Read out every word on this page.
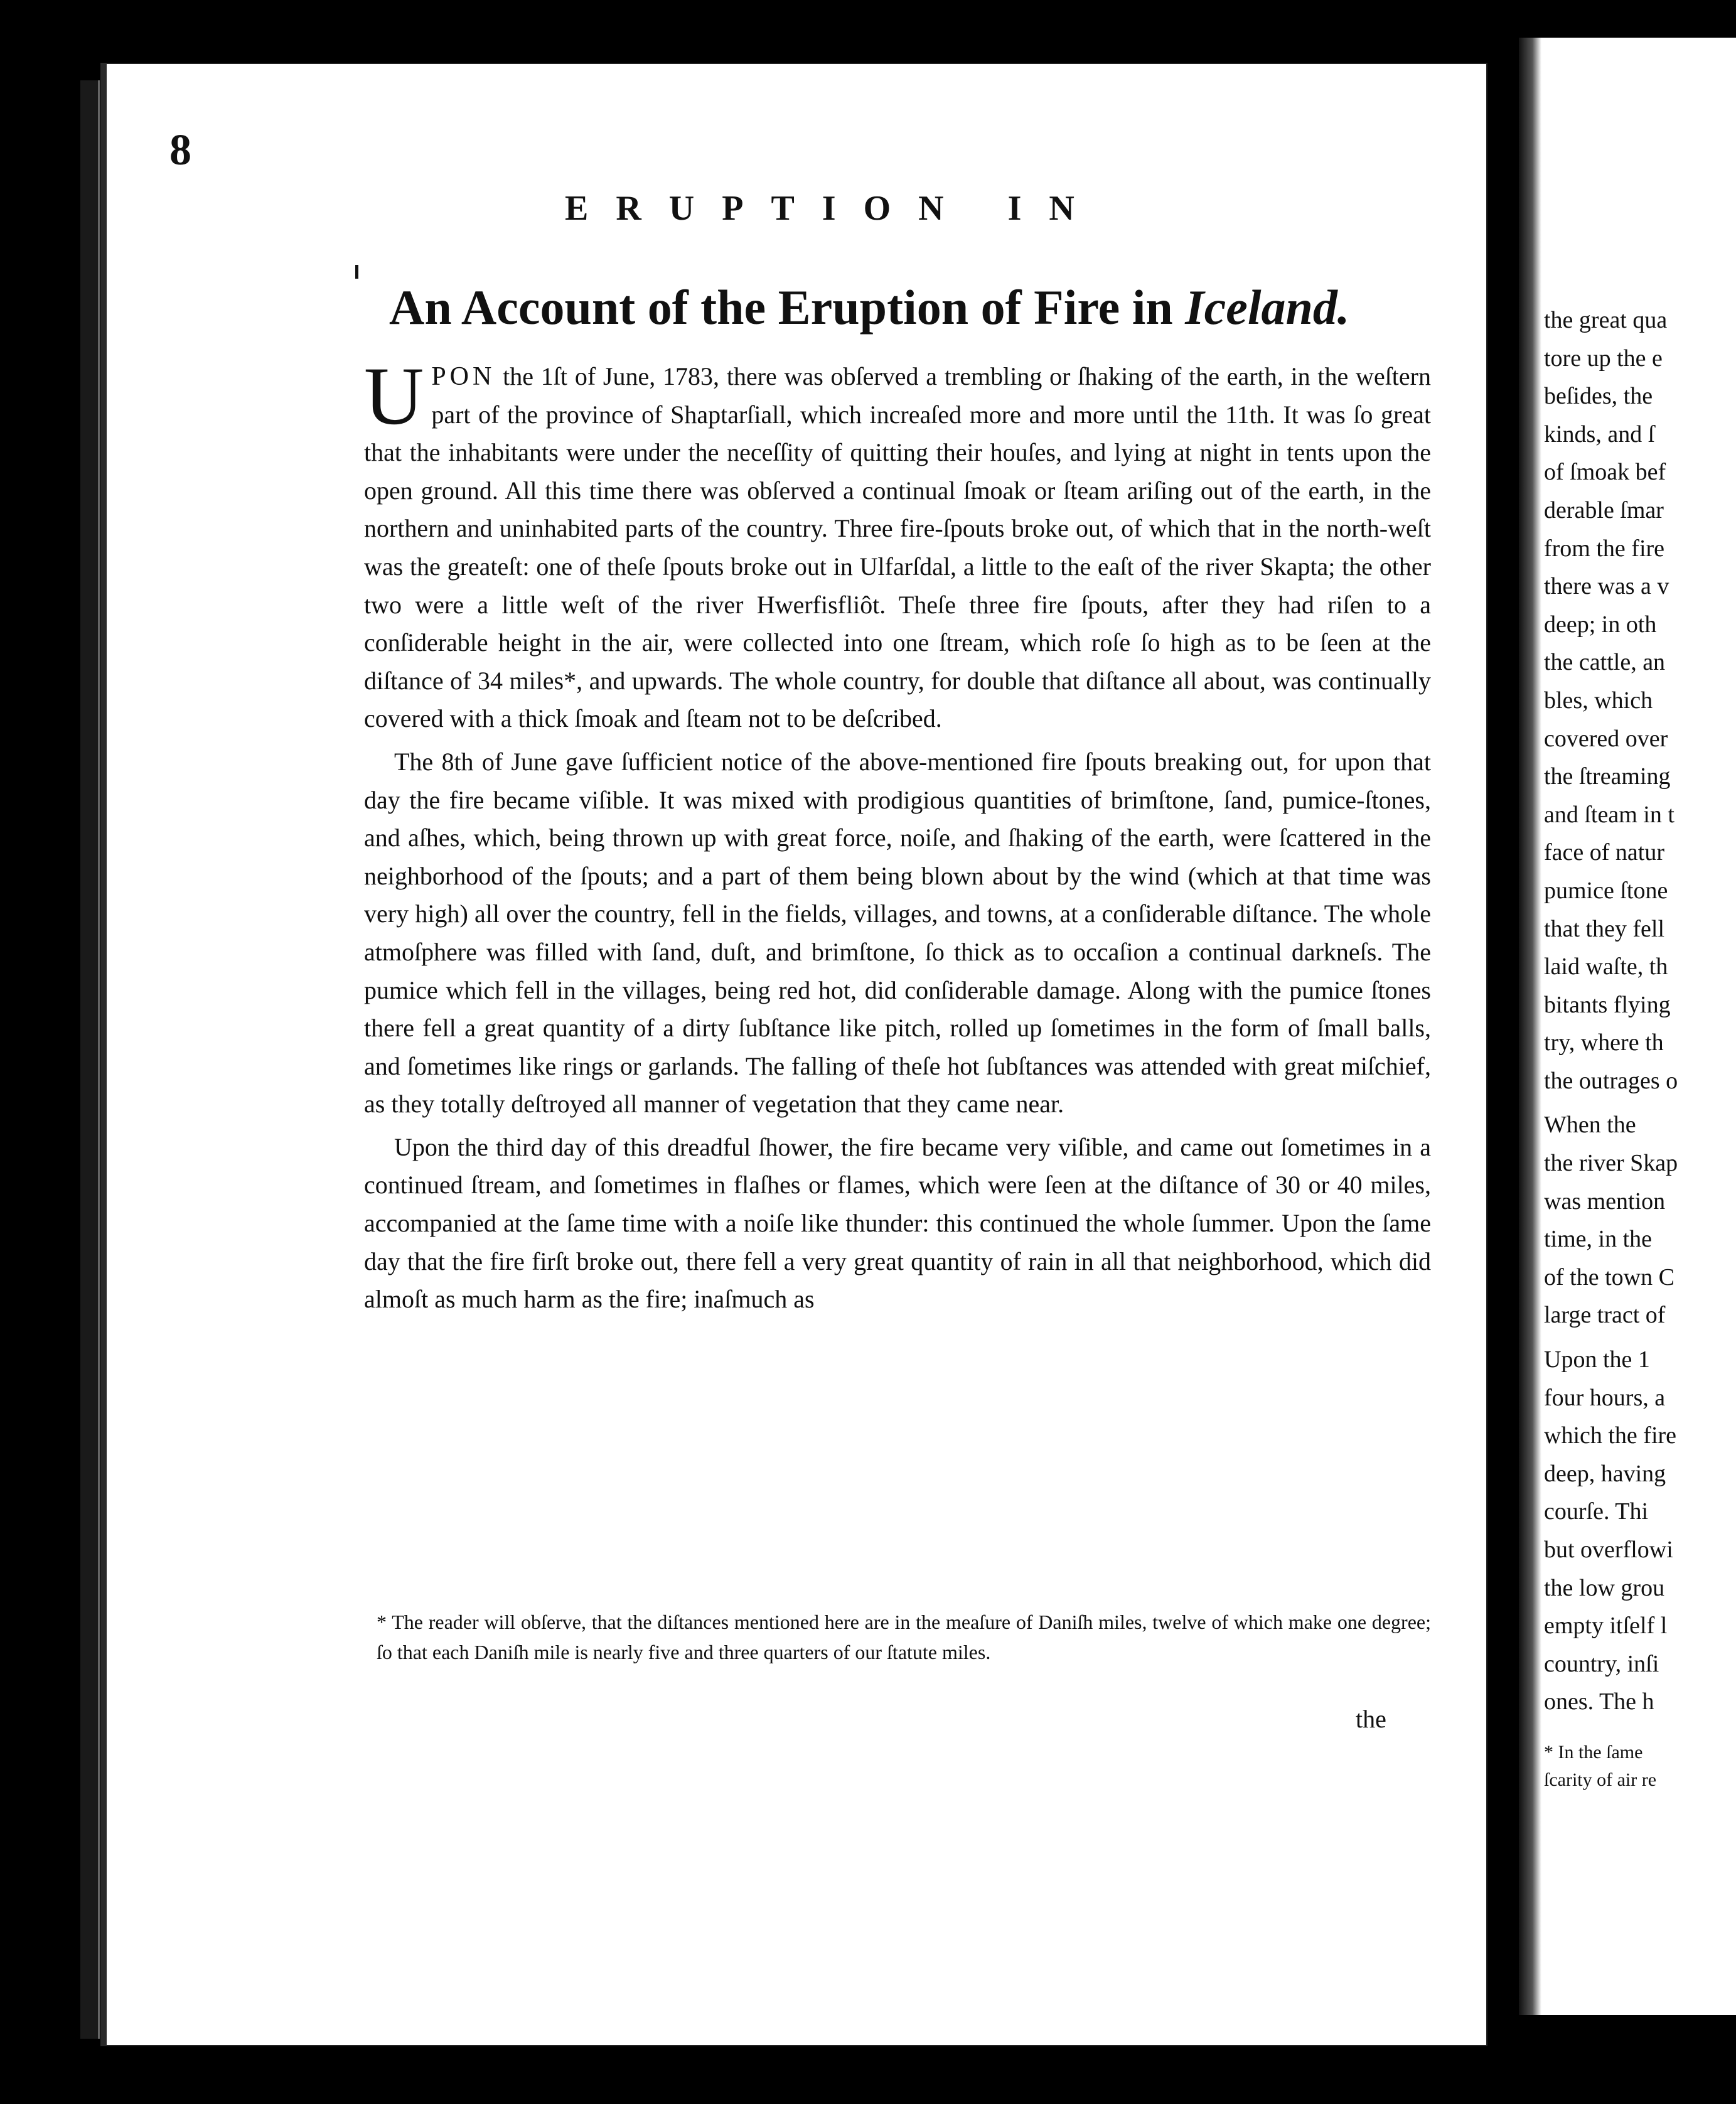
8
ERUPTION IN
An Account of the Eruption of Fire in Iceland.

U PON the 1ſt of June, 1783, there was obſerved a trembling or ſhaking of the earth, in the weſtern part of the province of Shaptarſiall, which increaſed more and more until the 11th. It was ſo great that the inhabitants were under the neceſſity of quitting their houſes, and lying at night in tents upon the open ground. All this time there was obſerved a continual ſmoak or ſteam ariſing out of the earth, in the northern and uninhabited parts of the country. Three fire-ſpouts broke out, of which that in the north-weſt was the greateſt: one of theſe ſpouts broke out in Ulfarſdal, a little to the eaſt of the river Skapta; the other two were a little weſt of the river Hwerfisfliôt. Theſe three fire ſpouts, after they had riſen to a conſiderable height in the air, were collected into one ſtream, which roſe ſo high as to be ſeen at the diſtance of 34 miles*, and upwards. The whole country, for double that diſtance all about, was continually covered with a thick ſmoak and ſteam not to be deſcribed.

The 8th of June gave ſufficient notice of the above-mentioned fire ſpouts breaking out, for upon that day the fire became viſible. It was mixed with prodigious quantities of brimſtone, ſand, pumice-ſtones, and aſhes, which, being thrown up with great force, noiſe, and ſhaking of the earth, were ſcattered in the neighborhood of the ſpouts; and a part of them being blown about by the wind (which at that time was very high) all over the country, fell in the fields, villages, and towns, at a conſiderable diſtance. The whole atmoſphere was filled with ſand, duſt, and brimſtone, ſo thick as to occaſion a continual darkneſs. The pumice which fell in the villages, being red hot, did conſiderable damage. Along with the pumice ſtones there fell a great quantity of a dirty ſubſtance like pitch, rolled up ſometimes in the form of ſmall balls, and ſometimes like rings or garlands. The falling of theſe hot ſubſtances was attended with great miſchief, as they totally deſtroyed all manner of vegetation that they came near.

Upon the third day of this dreadful ſhower, the fire became very viſible, and came out ſometimes in a continued ſtream, and ſometimes in flaſhes or flames, which were ſeen at the diſtance of 30 or 40 miles, accompanied at the ſame time with a noiſe like thunder: this continued the whole ſummer. Upon the ſame day that the fire firſt broke out, there fell a very great quantity of rain in all that neighborhood, which did almoſt as much harm as the fire; inaſmuch as

* The reader will obſerve, that the diſtances mentioned here are in the meaſure of Daniſh miles, twelve of which make one degree; ſo that each Daniſh mile is nearly five and three quarters of our ſtatute miles.
the
the great qua
tore up the e
beſides, the
kinds, and ſ
of ſmoak bef
derable ſmar
from the fire
there was a v
deep; in oth
the cattle, an
bles, which
covered over
the ſtreaming
and ſteam in t
face of natur
pumice ſtone
that they fell
laid waſte, th
bitants flying
try, where th
the outrages o
When the
the river Skap
was mention
time, in the
of the town C
large tract of
Upon the 1
four hours, a
which the fire
deep, having
courſe. Thi
but overflowi
the low grou
empty itſelf l
country, inſi
ones. The h
* In the ſame
ſcarity of air re
